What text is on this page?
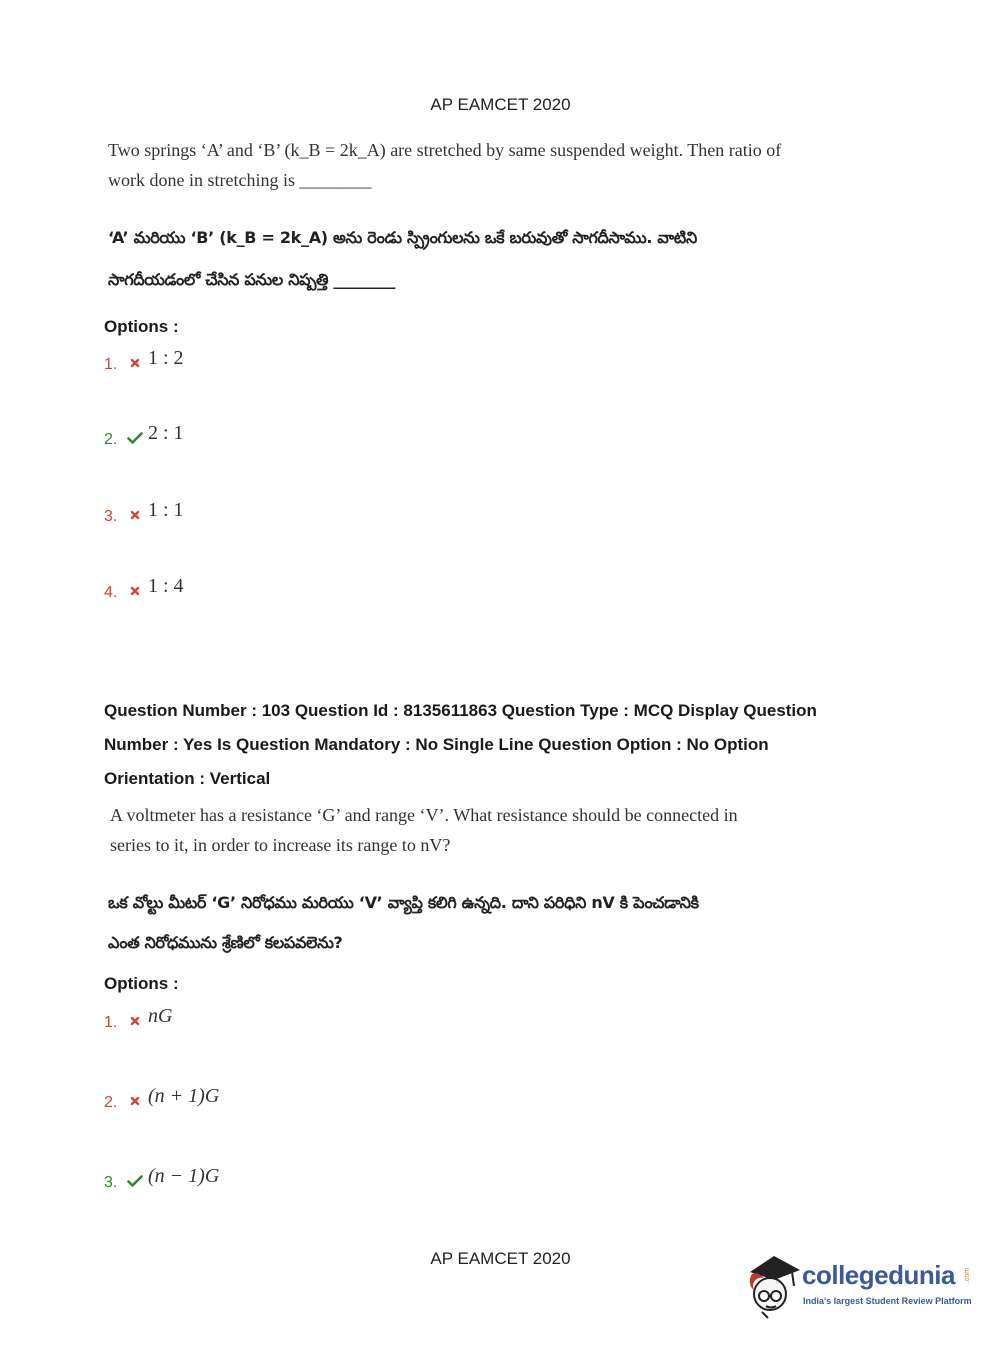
AP EAMCET 2020
Two springs ‘A’ and ‘B’ (k_B = 2k_A) are stretched by same suspended weight. Then ratio of
work done in stretching is ________
‘A’ మరియు ‘B’ (k_B = 2k_A) అను రెండు స్ప్రింగులను ఒకే బరువుతో సాగదీసాము. వాటిని
సాగదీయడంలో చేసిన పనుల నిష్పత్తి ________
Options :
1.	1 : 2
2.	2 : 1
3.	1 : 1
4.	1 : 4
Question Number : 103 Question Id : 8135611863 Question Type : MCQ Display Question
Number : Yes Is Question Mandatory : No Single Line Question Option : No Option
Orientation : Vertical
A voltmeter has a resistance ‘G’ and range ‘V’. What resistance should be connected in
series to it, in order to increase its range to nV?
ఒక వోల్టు మీటర్ ‘G’ నిరోధము మరియు ‘V’ వ్యాప్తి కలిగి ఉన్నది. దాని పరిధిని nV కి పెంచడానికి
ఎంత నిరోధమును శ్రేణిలో కలపవలెను?
Options :
1.	nG
2.	(n + 1)G
3.	(n − 1)G
AP EAMCET 2020
collegedunia .com
India's largest Student Review Platform
